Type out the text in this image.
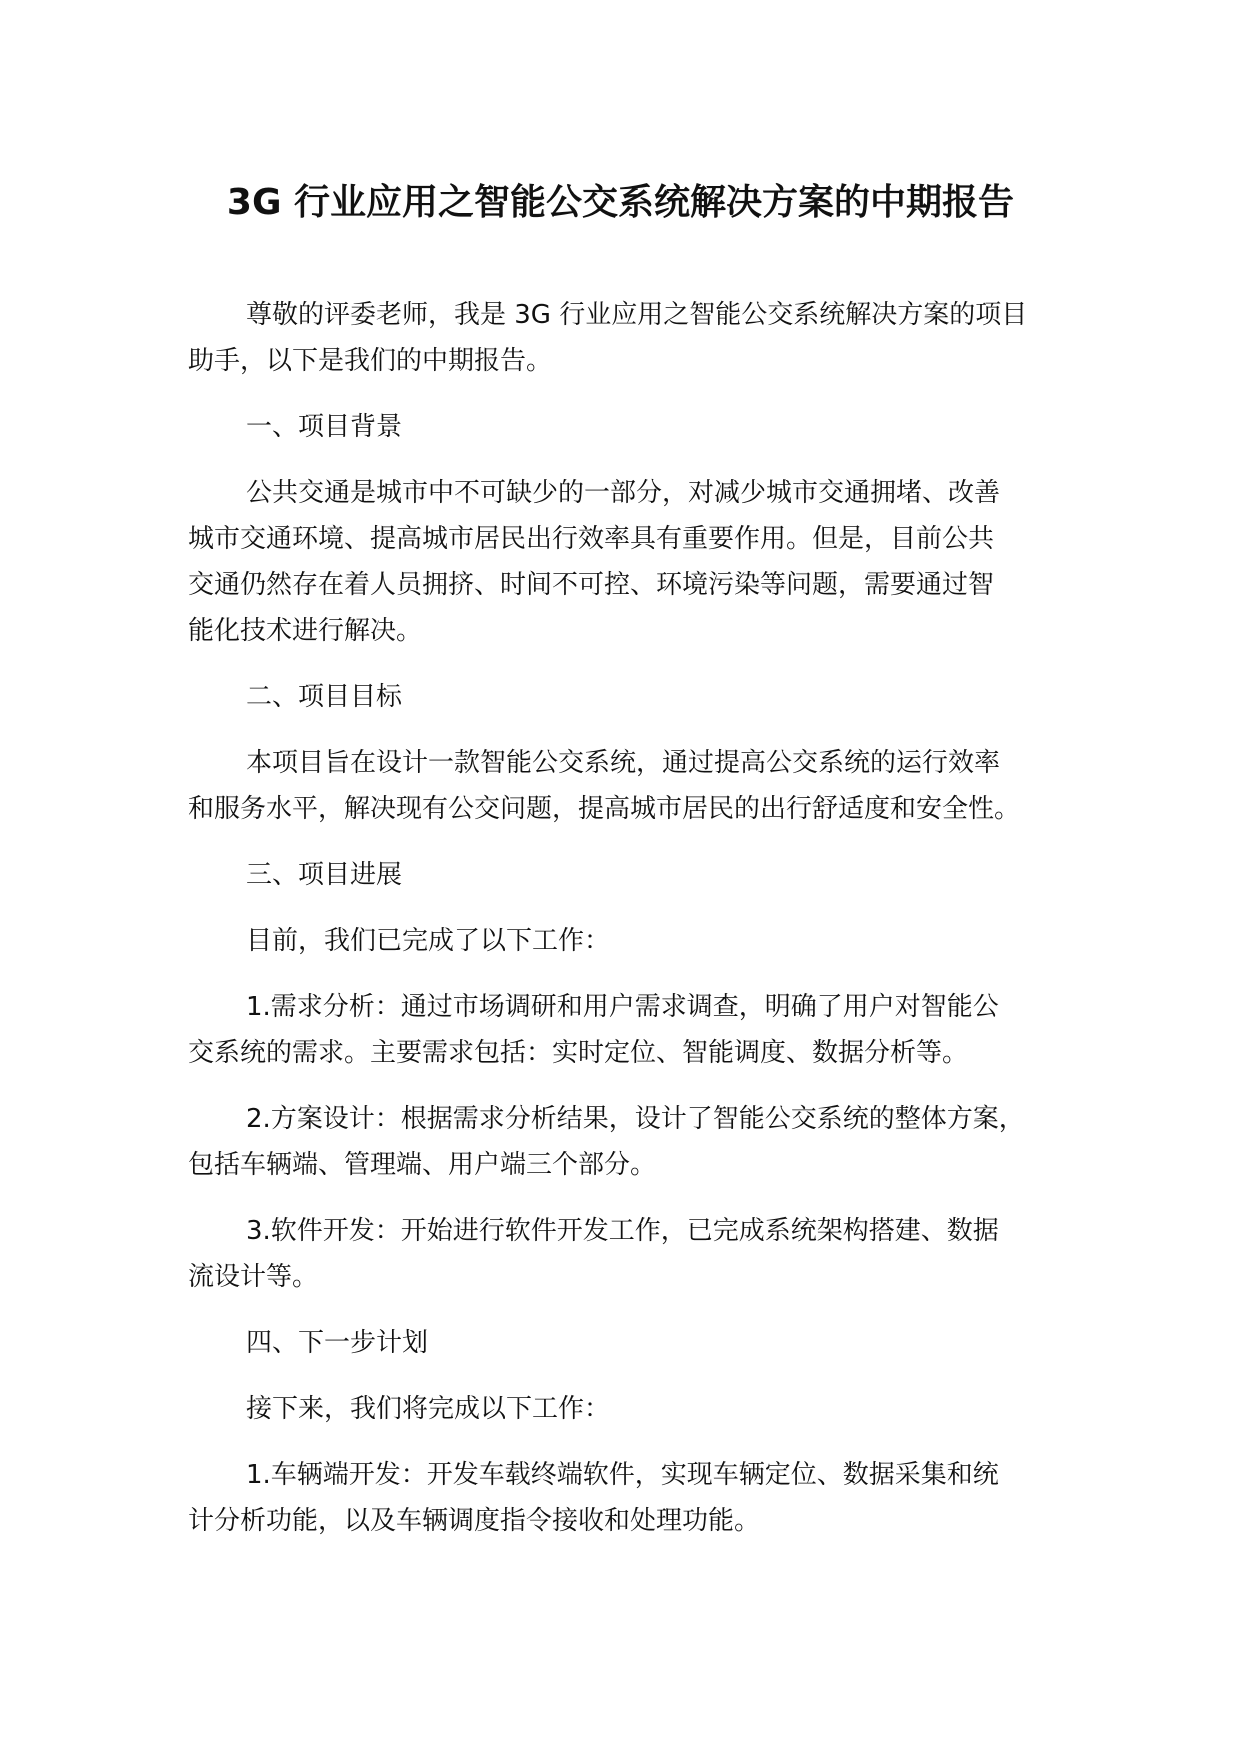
3G 行业应用之智能公交系统解决方案的中期报告

尊敬的评委老师，我是 3G 行业应用之智能公交系统解决方案的项目
助手，以下是我们的中期报告。

一、项目背景

公共交通是城市中不可缺少的一部分，对减少城市交通拥堵、改善
城市交通环境、提高城市居民出行效率具有重要作用。但是，目前公共
交通仍然存在着人员拥挤、时间不可控、环境污染等问题，需要通过智
能化技术进行解决。

二、项目目标

本项目旨在设计一款智能公交系统，通过提高公交系统的运行效率
和服务水平，解决现有公交问题，提高城市居民的出行舒适度和安全性。

三、项目进展

目前，我们已完成了以下工作：

1.需求分析：通过市场调研和用户需求调查，明确了用户对智能公
交系统的需求。主要需求包括：实时定位、智能调度、数据分析等。

2.方案设计：根据需求分析结果，设计了智能公交系统的整体方案，
包括车辆端、管理端、用户端三个部分。

3.软件开发：开始进行软件开发工作，已完成系统架构搭建、数据
流设计等。

四、下一步计划

接下来，我们将完成以下工作：

1.车辆端开发：开发车载终端软件，实现车辆定位、数据采集和统
计分析功能，以及车辆调度指令接收和处理功能。
